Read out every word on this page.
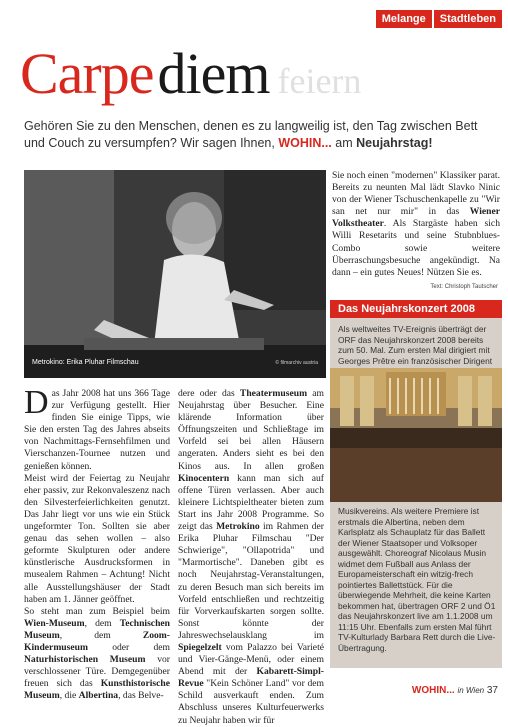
Melange	Stadtleben
Carpe diem feiern

Gehören Sie zu den Menschen, denen es zu langweilig ist, den Tag zwischen Bett und Couch zu versumpfen? Wir sagen Ihnen, WOHIN... am Neujahrstag!

Metrokino: Erika Pluhar Filmschau	© filmarchiv austria
Sie noch einen "modernen" Klassiker parat. Bereits zu neunten Mal lädt Slavko Ninic von der Wiener Tschuschenkapelle zu "Wir san net nur mir" in das Wiener Volkstheater. Als Stargäste haben sich Willi Resetarits und seine Stubnblues-Combo sowie weitere Überraschungsbesuche angekündigt. Na dann – ein gutes Neues! Nützen Sie es.
Text: Christoph Tautscher

Das Jahr 2008 hat uns 366 Tage zur Verfügung gestellt. Hier finden Sie einige Tipps, wie Sie den ersten Tag des Jahres abseits von Nachmittags-Fernsehfilmen und Vierschanzen-Tournee nutzen und genießen können.

Meist wird der Feiertag zu Neujahr eher passiv, zur Rekonvaleszenz nach den Silvesterfeierlichkeiten genutzt. Das Jahr liegt vor uns wie ein Stück ungeformter Ton. Sollten sie aber genau das sehen wollen – also geformte Skulpturen oder andere künstlerische Ausdrucksformen in musealem Rahmen – Achtung! Nicht alle Ausstellungshäuser der Stadt haben am 1. Jänner geöffnet.

So steht man zum Beispiel beim Wien-Museum, dem Technischen Museum, dem Zoom-Kindermuseum oder dem Naturhistorischen Museum vor verschlossener Türe. Demgegenüber freuen sich das Kunsthistorische Museum, die Albertina, das Belve-

dere oder das Theatermuseum am Neujahrstag über Besucher. Eine klärende Information über Öffnungszeiten und Schließtage im Vorfeld sei bei allen Häusern angeraten. Anders sieht es bei den Kinos aus. In allen großen Kinocentern kann man sich auf offene Türen verlassen. Aber auch kleinere Lichtspieltheater bieten zum Start ins Jahr 2008 Programme. So zeigt das Metrokino im Rahmen der Erika Pluhar Filmschau "Der Schwierige", "Ollapotrida" und "Marmortische". Daneben gibt es noch Neujahrstag-Veranstaltungen, zu deren Besuch man sich bereits im Vorfeld entschließen und rechtzeitig für Vorverkaufskarten sorgen sollte. Sonst könnte der Jahreswechselausklang im Spiegelzelt vom Palazzo bei Varieté und Vier-Gänge-Menü, oder einem Abend mit der Kabarett-Simpl-Revue "Kein Schöner Land" vor dem Schild ausverkauft enden. Zum Abschluss unseres Kulturfeuerwerks zu Neujahr haben wir für

Das Neujahrskonzert 2008

Als weltweites TV-Ereignis überträgt der ORF das Neujahrskonzert 2008 bereits zum 50. Mal. Zum ersten Mal dirigiert mit Georges Prêtre ein französischer Dirigent

Musikvereins. Als weitere Premiere ist erstmals die Albertina, neben dem Karlsplatz als Schauplatz für das Ballett der Wiener Staatsoper und Volksoper ausgewählt. Choreograf Nicolaus Musin widmet dem Fußball aus Anlass der Europameisterschaft ein witzig-frech pointiertes Ballettstück. Für die überwiegende Mehrheit, die keine Karten bekommen hat, übertragen ORF 2 und Ö1 das Neujahrskonzert live am 1.1.2008 um 11:15 Uhr. Ebenfalls zum ersten Mal führt TV-Kulturlady Barbara Rett durch die Live-Übertragung.

WOHIN... in Wien 37
